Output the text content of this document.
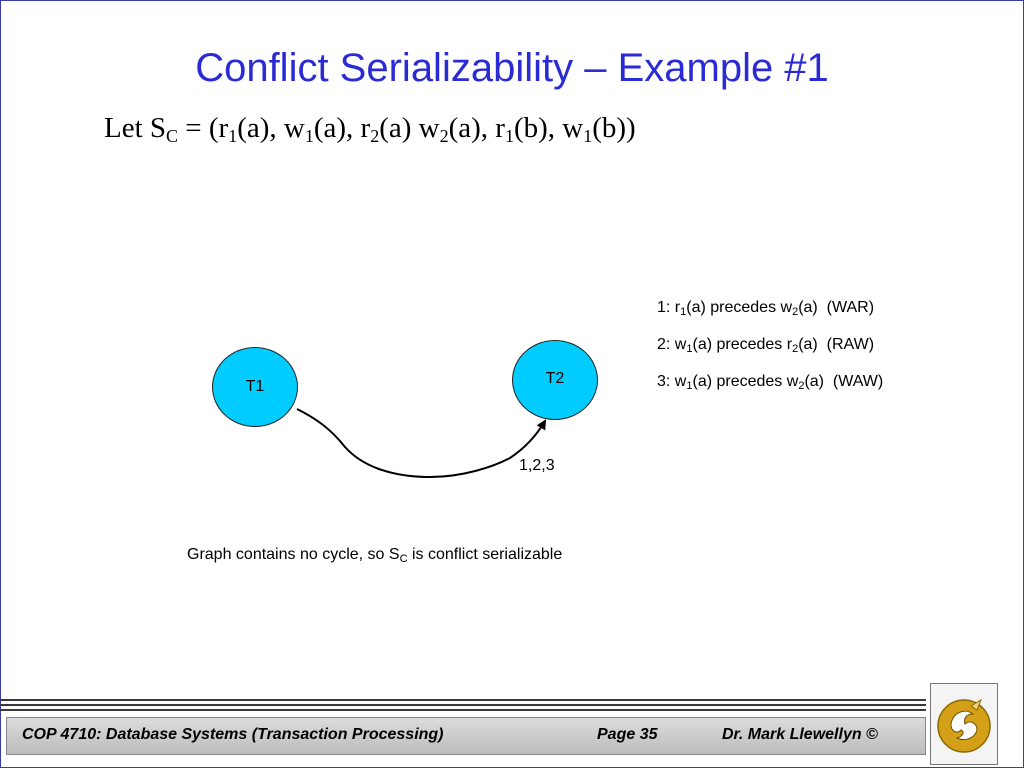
Conflict Serializability – Example #1
Let $S_C = (r_1(a)$, $w_1(a)$, $r_2(a)$ $w_2(a)$, $r_1(b)$, $w_1(b)$)
T1	T2
1,2,3
1: $r_1(a)$ precedes $w_2(a)$ (WAR)
2: $w_1(a)$ precedes $r_2(a)$ (RAW)
3: $w_1(a)$ precedes $w_2(a)$ (WAW)
Graph contains no cycle, so $S_C$ is conflict serializable
COP 4710: Database Systems (Transaction Processing)	Page 35	Dr. Mark Llewellyn ©
